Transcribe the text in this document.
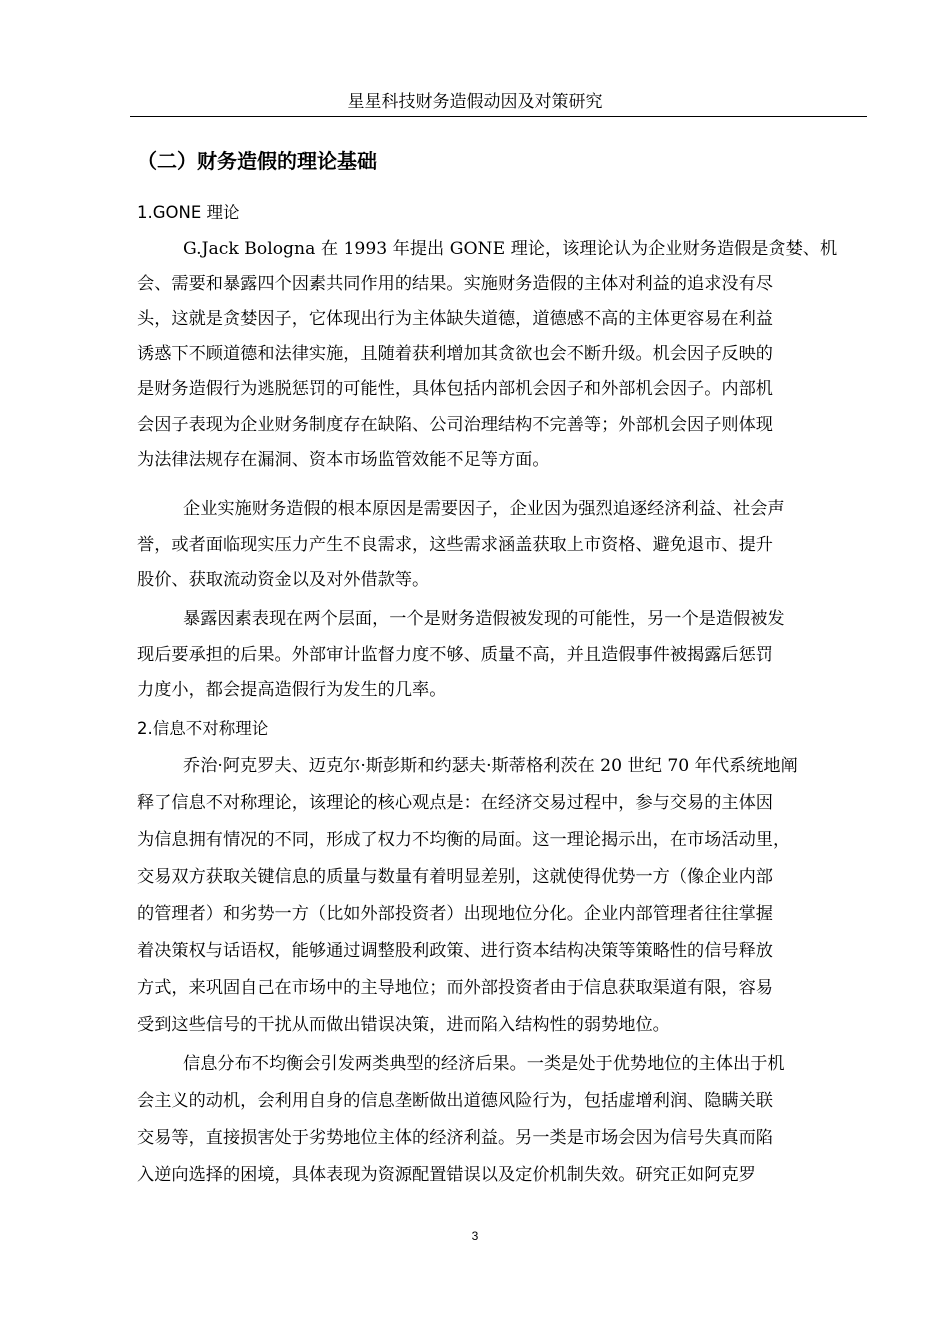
星星科技财务造假动因及对策研究
（二）财务造假的理论基础
1.GONE 理论
G.Jack Bologna 在 1993 年提出 GONE 理论，该理论认为企业财务造假是贪婪、机
会、需要和暴露四个因素共同作用的结果。实施财务造假的主体对利益的追求没有尽
头，这就是贪婪因子，它体现出行为主体缺失道德，道德感不高的主体更容易在利益
诱惑下不顾道德和法律实施，且随着获利增加其贪欲也会不断升级。机会因子反映的
是财务造假行为逃脱惩罚的可能性，具体包括内部机会因子和外部机会因子。内部机
会因子表现为企业财务制度存在缺陷、公司治理结构不完善等；外部机会因子则体现
为法律法规存在漏洞、资本市场监管效能不足等方面。
企业实施财务造假的根本原因是需要因子，企业因为强烈追逐经济利益、社会声
誉，或者面临现实压力产生不良需求，这些需求涵盖获取上市资格、避免退市、提升
股价、获取流动资金以及对外借款等。
暴露因素表现在两个层面，一个是财务造假被发现的可能性，另一个是造假被发
现后要承担的后果。外部审计监督力度不够、质量不高，并且造假事件被揭露后惩罚
力度小，都会提高造假行为发生的几率。
2.信息不对称理论
乔治·阿克罗夫、迈克尔·斯彭斯和约瑟夫·斯蒂格利茨在 20 世纪 70 年代系统地阐
释了信息不对称理论，该理论的核心观点是：在经济交易过程中，参与交易的主体因
为信息拥有情况的不同，形成了权力不均衡的局面。这一理论揭示出，在市场活动里，
交易双方获取关键信息的质量与数量有着明显差别，这就使得优势一方（像企业内部
的管理者）和劣势一方（比如外部投资者）出现地位分化。企业内部管理者往往掌握
着决策权与话语权，能够通过调整股利政策、进行资本结构决策等策略性的信号释放
方式，来巩固自己在市场中的主导地位；而外部投资者由于信息获取渠道有限，容易
受到这些信号的干扰从而做出错误决策，进而陷入结构性的弱势地位。
信息分布不均衡会引发两类典型的经济后果。一类是处于优势地位的主体出于机
会主义的动机，会利用自身的信息垄断做出道德风险行为，包括虚增利润、隐瞒关联
交易等，直接损害处于劣势地位主体的经济利益。另一类是市场会因为信号失真而陷
入逆向选择的困境，具体表现为资源配置错误以及定价机制失效。研究正如阿克罗
3
